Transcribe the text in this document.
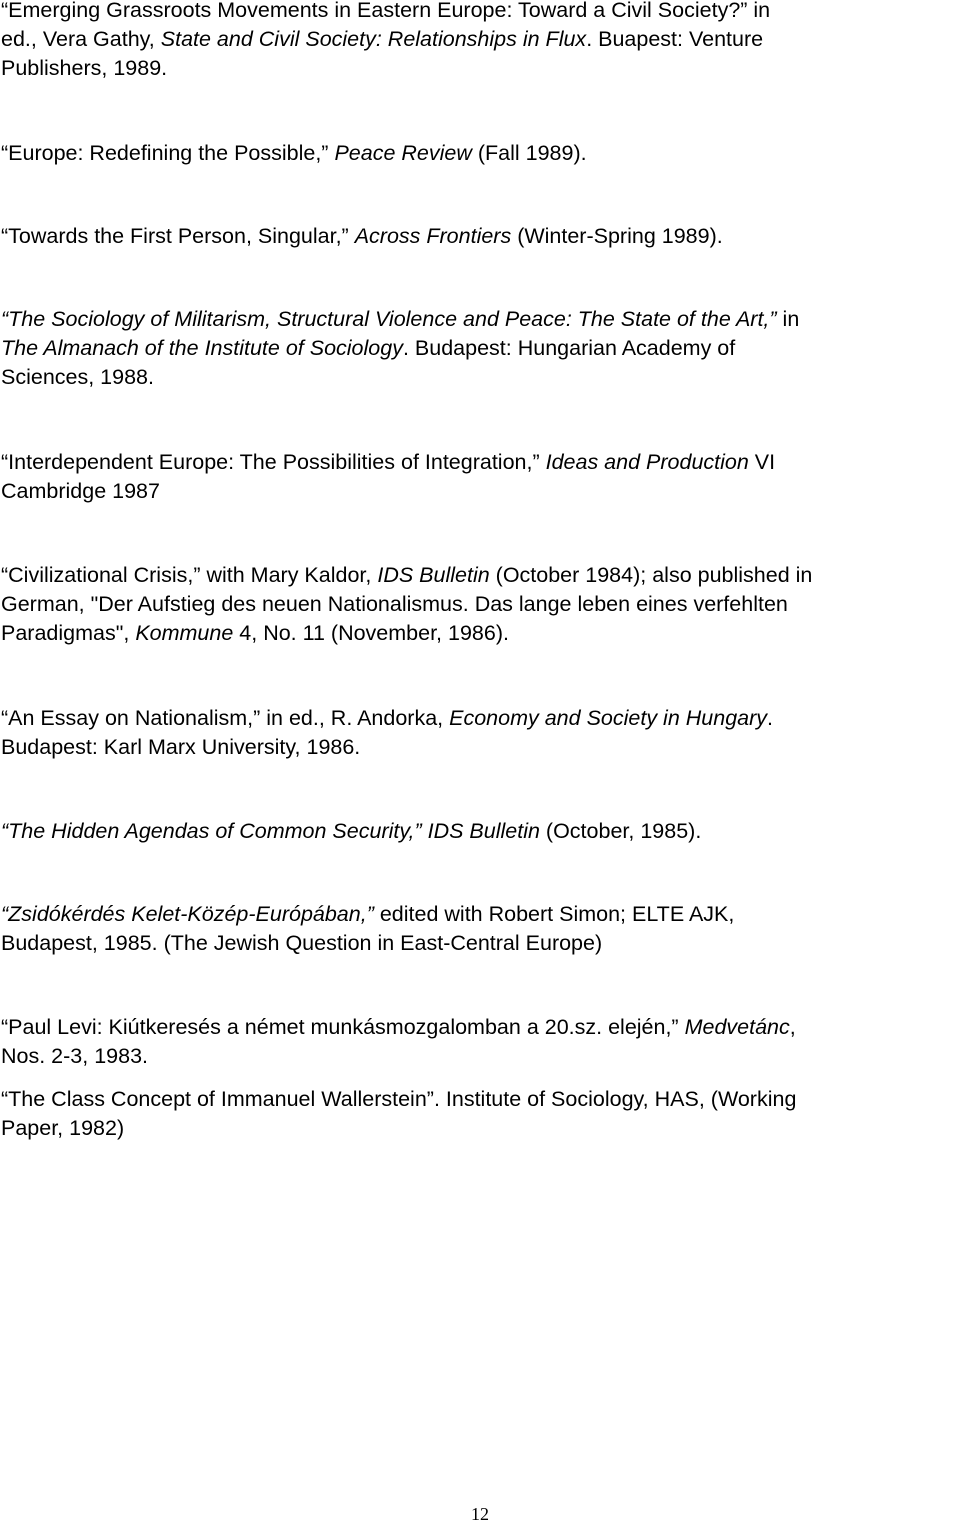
“Emerging Grassroots Movements in Eastern Europe: Toward a Civil Society?” in
ed., Vera Gathy, State and Civil Society: Relationships in Flux. Buapest: Venture
Publishers, 1989.

“Europe: Redefining the Possible,” Peace Review (Fall 1989).

“Towards the First Person, Singular,” Across Frontiers (Winter-Spring 1989).

“The Sociology of Militarism, Structural Violence and Peace: The State of the Art,” in
The Almanach of the Institute of Sociology. Budapest: Hungarian Academy of
Sciences, 1988.

“Interdependent Europe: The Possibilities of Integration,” Ideas and Production VI
Cambridge 1987

“Civilizational Crisis,” with Mary Kaldor, IDS Bulletin (October 1984); also published in
German, "Der Aufstieg des neuen Nationalismus. Das lange leben eines verfehlten
Paradigmas", Kommune 4, No. 11 (November, 1986).

“An Essay on Nationalism,” in ed., R. Andorka, Economy and Society in Hungary.
Budapest: Karl Marx University, 1986.

“The Hidden Agendas of Common Security,” IDS Bulletin (October, 1985).

“Zsidókérdés Kelet-Közép-Európában,” edited with Robert Simon; ELTE AJK,
Budapest, 1985. (The Jewish Question in East-Central Europe)

“Paul Levi: Kiútkeresés a német munkásmozgalomban a 20.sz. elején,” Medvetánc,
Nos. 2-3, 1983.

“The Class Concept of Immanuel Wallerstein”. Institute of Sociology, HAS, (Working
Paper, 1982)

12
